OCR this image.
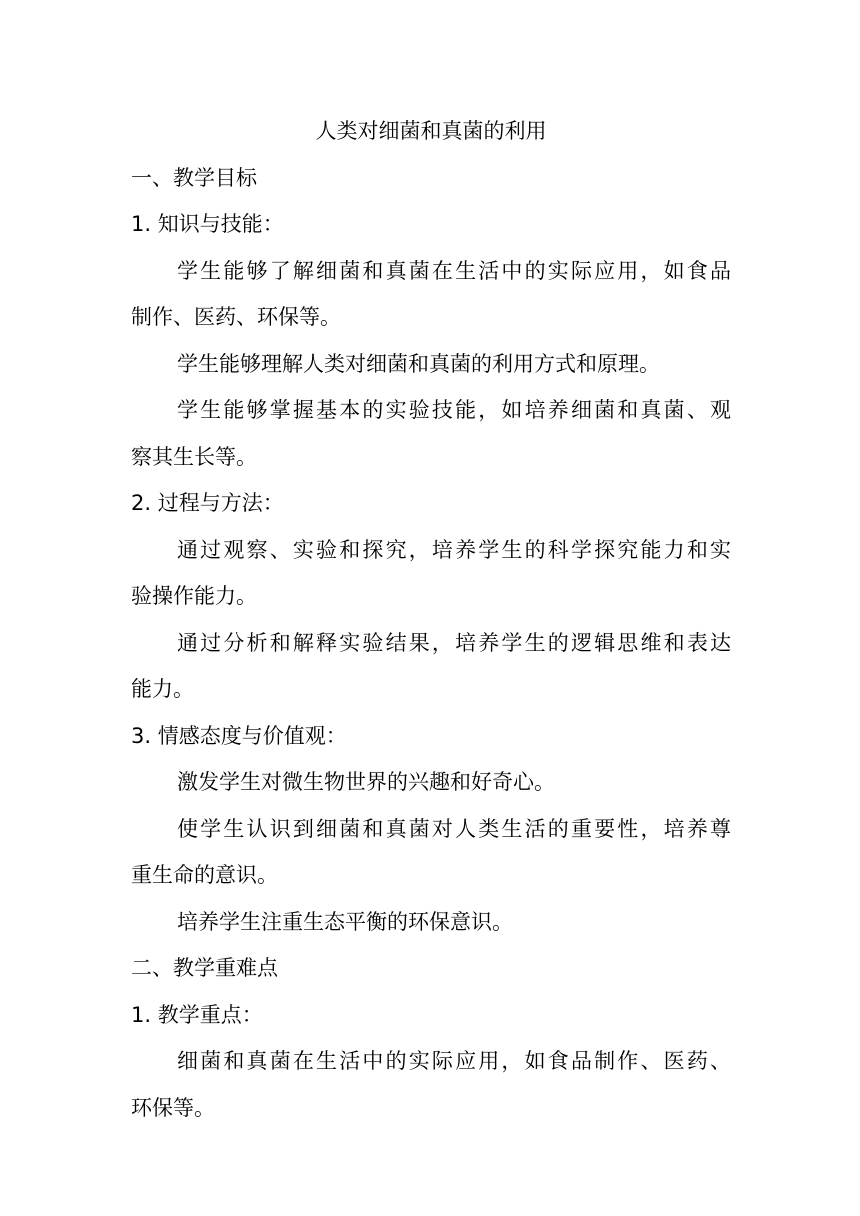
人类对细菌和真菌的利用
一、教学目标
1. 知识与技能：
学生能够了解细菌和真菌在生活中的实际应用，如食品
制作、医药、环保等。
学生能够理解人类对细菌和真菌的利用方式和原理。
学生能够掌握基本的实验技能，如培养细菌和真菌、观
察其生长等。
2. 过程与方法：
通过观察、实验和探究，培养学生的科学探究能力和实
验操作能力。
通过分析和解释实验结果，培养学生的逻辑思维和表达
能力。
3. 情感态度与价值观：
激发学生对微生物世界的兴趣和好奇心。
使学生认识到细菌和真菌对人类生活的重要性，培养尊
重生命的意识。
培养学生注重生态平衡的环保意识。
二、教学重难点
1. 教学重点：
细菌和真菌在生活中的实际应用，如食品制作、医药、
环保等。
